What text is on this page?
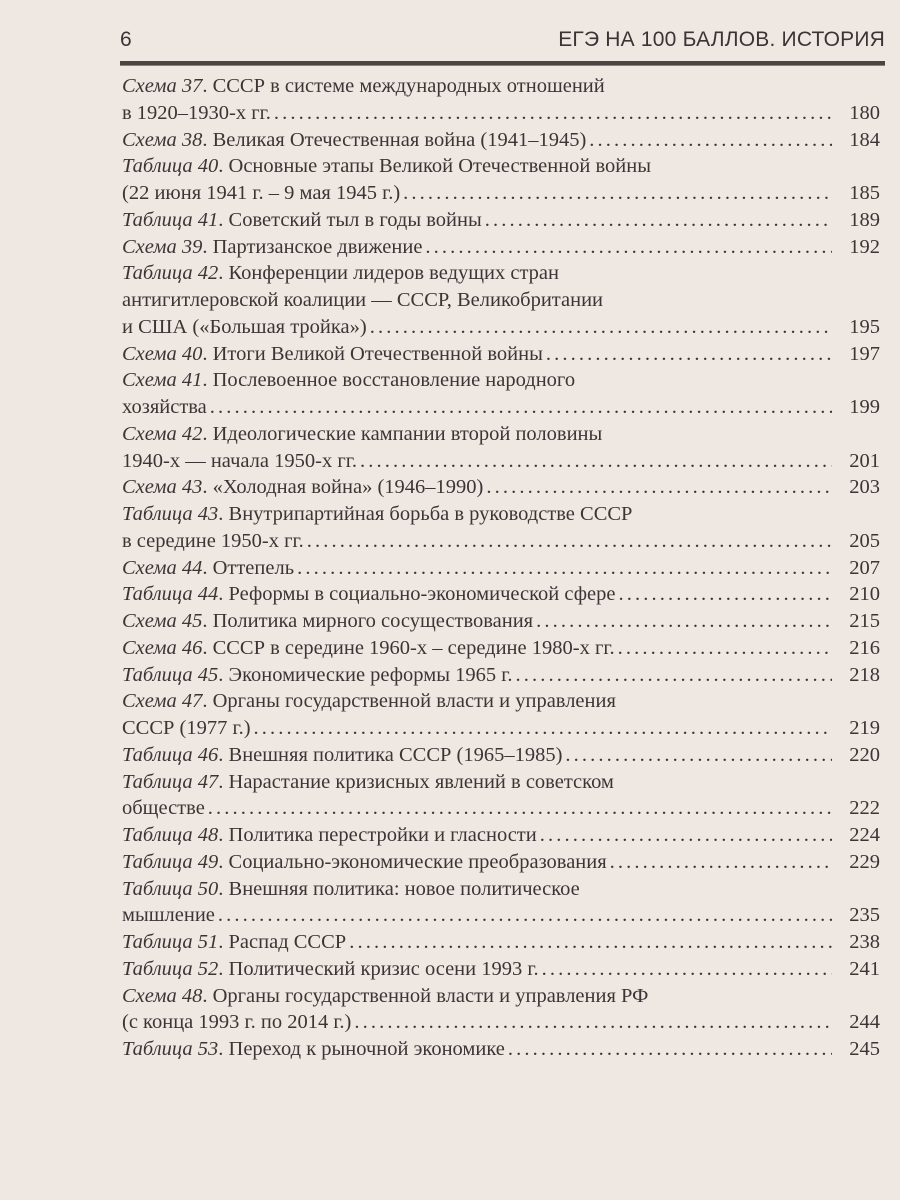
6	ЕГЭ НА 100 БАЛЛОВ. ИСТОРИЯ
Схема 37 . СССР в системе международных отношений
в 1920–1930-х гг. . . .	180
Схема 38 . Великая Отечественная война (1941–1945) . . .	184
Таблица 40 . Основные этапы Великой Отечественной войны
(22 июня 1941 г. – 9 мая 1945 г.) . . .	185
Таблица 41 . Советский тыл в годы войны . . .	189
Схема 39 . Партизанское движение . . .	192
Таблица 42 . Конференции лидеров ведущих стран
антигитлеровской коалиции — СССР, Великобритании
и США («Большая тройка») . . .	195
Схема 40 . Итоги Великой Отечественной войны . . .	197
Схема 41 . Послевоенное восстановление народного
хозяйства . . .	199
Схема 42 . Идеологические кампании второй половины
1940-х — начала 1950-х гг. . . .	201
Схема 43 . «Холодная война» (1946–1990) . . .	203
Таблица 43 . Внутрипартийная борьба в руководстве СССР
в середине 1950-х гг. . . .	205
Схема 44 . Оттепель . . .	207
Таблица 44 . Реформы в социально-экономической сфере . . .	210
Схема 45 . Политика мирного сосуществования . . .	215
Схема 46 . СССР в середине 1960-х – середине 1980-х гг. . . .	216
Таблица 45 . Экономические реформы 1965 г. . . .	218
Схема 47 . Органы государственной власти и управления
СССР (1977 г.) . . .	219
Таблица 46 . Внешняя политика СССР (1965–1985) . . .	220
Таблица 47 . Нарастание кризисных явлений в советском
обществе . . .	222
Таблица 48 . Политика перестройки и гласности . . .	224
Таблица 49 . Социально-экономические преобразования . . .	229
Таблица 50 . Внешняя политика: новое политическое
мышление . . .	235
Таблица 51 . Распад СССР . . .	238
Таблица 52 . Политический кризис осени 1993 г. . . .	241
Схема 48 . Органы государственной власти и управления РФ
(с конца 1993 г. по 2014 г.) . . .	244
Таблица 53 . Переход к рыночной экономике . . .	245
